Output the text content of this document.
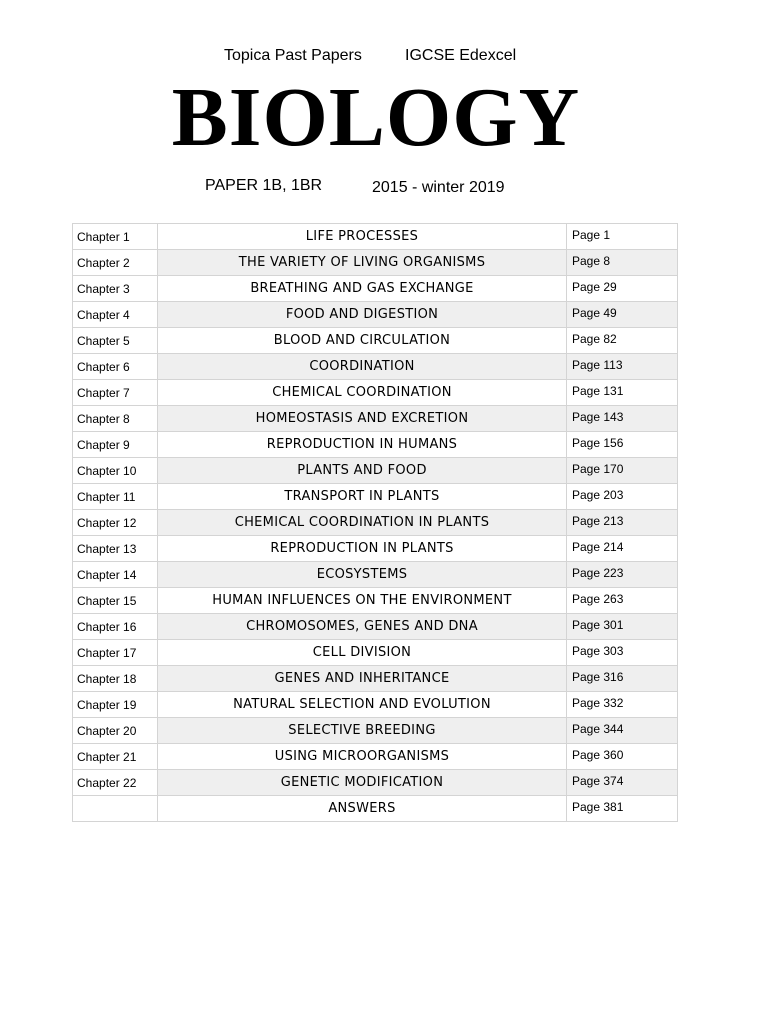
Topica Past Papers	IGCSE Edexcel
BIOLOGY
PAPER 1B, 1BR	2015 - winter 2019
Chapter 1	LIFE PROCESSES	Page 1
Chapter 2	THE VARIETY OF LIVING ORGANISMS	Page 8
Chapter 3	BREATHING AND GAS EXCHANGE	Page 29
Chapter 4	FOOD AND DIGESTION	Page 49
Chapter 5	BLOOD AND CIRCULATION	Page 82
Chapter 6	COORDINATION	Page 113
Chapter 7	CHEMICAL COORDINATION	Page 131
Chapter 8	HOMEOSTASIS AND EXCRETION	Page 143
Chapter 9	REPRODUCTION IN HUMANS	Page 156
Chapter 10	PLANTS AND FOOD	Page 170
Chapter 11	TRANSPORT IN PLANTS	Page 203
Chapter 12	CHEMICAL COORDINATION IN PLANTS	Page 213
Chapter 13	REPRODUCTION IN PLANTS	Page 214
Chapter 14	ECOSYSTEMS	Page 223
Chapter 15	HUMAN INFLUENCES ON THE ENVIRONMENT	Page 263
Chapter 16	CHROMOSOMES, GENES AND DNA	Page 301
Chapter 17	CELL DIVISION	Page 303
Chapter 18	GENES AND INHERITANCE	Page 316
Chapter 19	NATURAL SELECTION AND EVOLUTION	Page 332
Chapter 20	SELECTIVE BREEDING	Page 344
Chapter 21	USING MICROORGANISMS	Page 360
Chapter 22	GENETIC MODIFICATION	Page 374
	ANSWERS	Page 381
